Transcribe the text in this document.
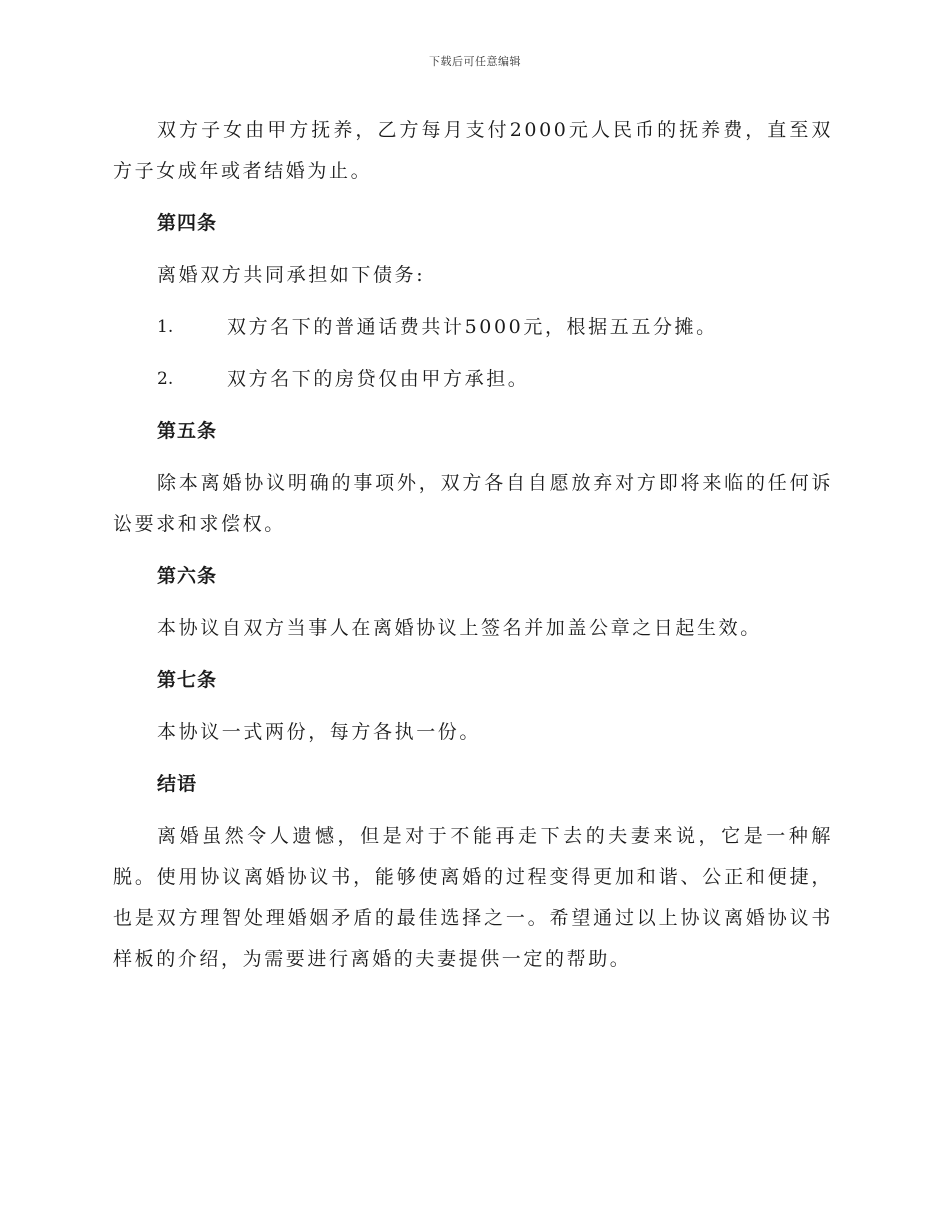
下载后可任意编辑

双方子女由甲方抚养，乙方每月支付2000元人民币的抚养费，直至双方子女成年或者结婚为止。

第四条

离婚双方共同承担如下债务:

1.	双方名下的普通话费共计5000元，根据五五分摊。
2.	双方名下的房贷仅由甲方承担。
第五条

除本离婚协议明确的事项外，双方各自自愿放弃对方即将来临的任何诉讼要求和求偿权。

第六条

本协议自双方当事人在离婚协议上签名并加盖公章之日起生效。

第七条

本协议一式两份，每方各执一份。

结语

离婚虽然令人遗憾，但是对于不能再走下去的夫妻来说，它是一种解脱。使用协议离婚协议书，能够使离婚的过程变得更加和谐、公正和便捷，也是双方理智处理婚姻矛盾的最佳选择之一。希望通过以上协议离婚协议书样板的介绍，为需要进行离婚的夫妻提供一定的帮助。
